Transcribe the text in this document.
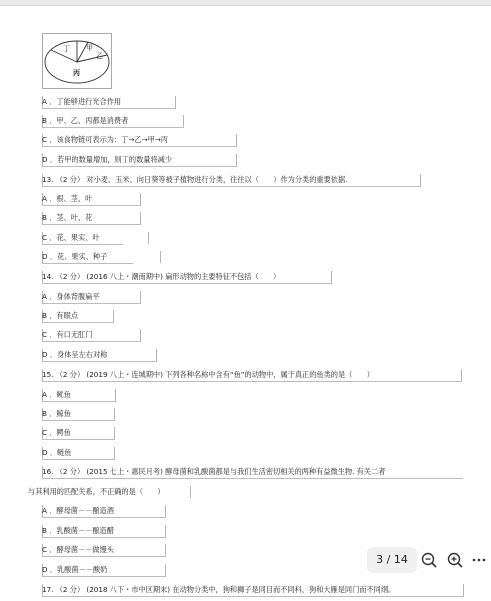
丁 甲
乙
丙
A ．丁能够进行光合作用
B ．甲、乙、丙都是消费者
C ．该食物链可表示为：丁→乙→甲→丙
D ．若甲的数量增加，则丁的数量将减少
13. （2 分） 对小麦、玉米、向日葵等被子植物进行分类，往往以（　　）作为分类的重要依据.
A ．根、茎、叶
B ．茎、叶、花
C ．花、果实、叶
D ．花、果实、种子
14. （2 分） (2016 八上・潮南期中) 扁形动物的主要特征不包括（　　）
A ．身体背腹扁平
B ．有眼点
C ．有口无肛门
D ．身体呈左右对称
15. （2 分） (2019 八上・连城期中) 下列各种名称中含有“鱼”的动物中，属于真正的鱼类的是（　　）
A ．鱿鱼
B ．鲸鱼
C ．鳄鱼
D ．鲢鱼
16. （2 分） (2015 七上・惠民月考) 酵母菌和乳酸菌都是与我们生活密切相关的两种有益微生物. 有关二者
与其利用的匹配关系，不正确的是（　　）
A ．酵母菌－－酿造酒
B ．乳酸菌－－酿造醋
C ．酵母菌－－做馒头
D ．乳酸菌－－酸奶
17. （2 分） (2018 八下・市中区期末) 在动物分类中，狗和狮子是同目而不同科，狗和大雁是同门而不同纲。
3 / 14
